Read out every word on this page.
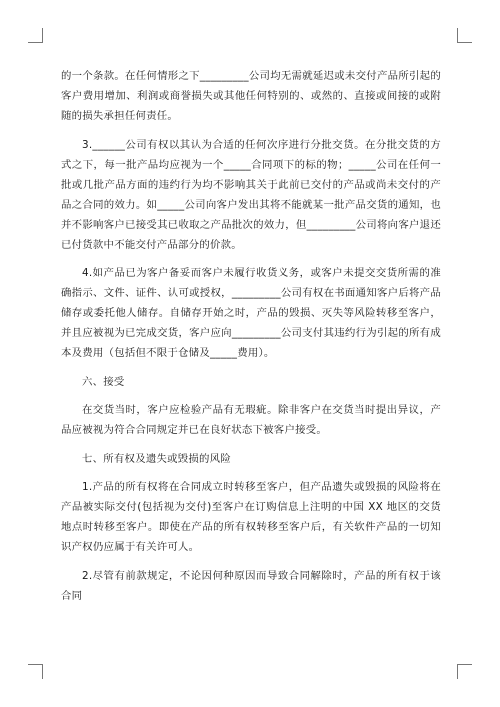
的一个条款。在任何情形之下_________公司均无需就延迟或未交付产品所引起的客户费用增加、利润或商誉损失或其他任何特别的、或然的、直接或间接的或附随的损失承担任何责任。

3.______公司有权以其认为合适的任何次序进行分批交货。在分批交货的方式之下，每一批产品均应视为一个_____合同项下的标的物；_____公司在任何一批或几批产品方面的违约行为均不影响其关于此前已交付的产品或尚未交付的产品之合同的效力。如_____公司向客户发出其将不能就某一批产品交货的通知，也并不影响客户已接受其已收取之产品批次的效力，但_________公司将向客户退还已付货款中不能交付产品部分的价款。

4.如产品已为客户备妥而客户未履行收货义务，或客户未提交交货所需的准确指示、文件、证件、认可或授权，_________公司有权在书面通知客户后将产品储存或委托他人储存。自储存开始之时，产品的毁损、灭失等风险转移至客户，并且应被视为已完成交货，客户应向_________公司支付其违约行为引起的所有成本及费用（包括但不限于仓储及_____费用）。

六、接受

在交货当时，客户应检验产品有无瑕疵。除非客户在交货当时提出异议，产品应被视为符合合同规定并已在良好状态下被客户接受。

七、所有权及遗失或毁损的风险

1.产品的所有权将在合同成立时转移至客户，但产品遗失或毁损的风险将在产品被实际交付(包括视为交付)至客户在订购信息上注明的中国 XX 地区的交货地点时转移至客户。即使在产品的所有权转移至客户后，有关软件产品的一切知识产权仍应属于有关许可人。

2.尽管有前款规定，不论因何种原因而导致合同解除时，产品的所有权于该合同
